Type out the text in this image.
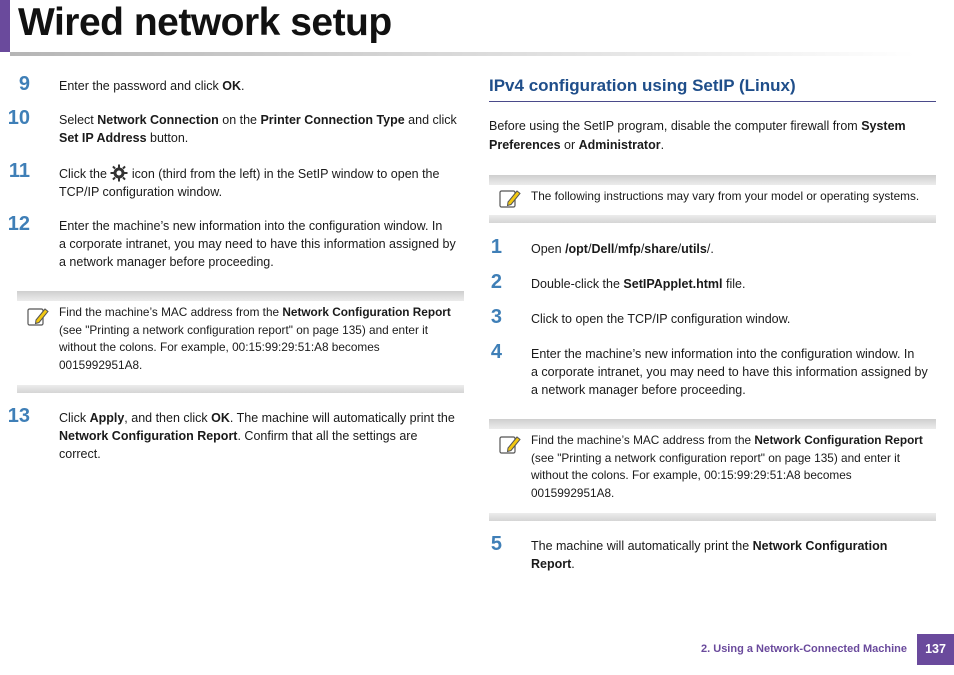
Wired network setup
9 Enter the password and click OK.
10 Select Network Connection on the Printer Connection Type and click
Set IP Address button.
11 Click the  icon (third from the left) in the SetIP window to open the
TCP/IP configuration window.
12 Enter the machine’s new information into the configuration window. In
a corporate intranet, you may need to have this information assigned by
a network manager before proceeding.
Find the machine’s MAC address from the Network Configuration Report
(see "Printing a network configuration report" on page 135) and enter it
without the colons. For example, 00:15:99:29:51:A8 becomes
0015992951A8.
13 Click Apply, and then click OK. The machine will automatically print the
Network Configuration Report. Confirm that all the settings are
correct.
IPv4 configuration using SetIP (Linux)
Before using the SetIP program, disable the computer firewall from System
Preferences or Administrator.
The following instructions may vary from your model or operating systems.
1 Open /opt/Dell/mfp/share/utils/.
2 Double-click the SetIPApplet.html file.
3 Click to open the TCP/IP configuration window.
4 Enter the machine’s new information into the configuration window. In
a corporate intranet, you may need to have this information assigned by
a network manager before proceeding.
Find the machine’s MAC address from the Network Configuration Report
(see "Printing a network configuration report" on page 135) and enter it
without the colons. For example, 00:15:99:29:51:A8 becomes
0015992951A8.
5 The machine will automatically print the Network Configuration
Report.
2. Using a Network-Connected Machine	137
